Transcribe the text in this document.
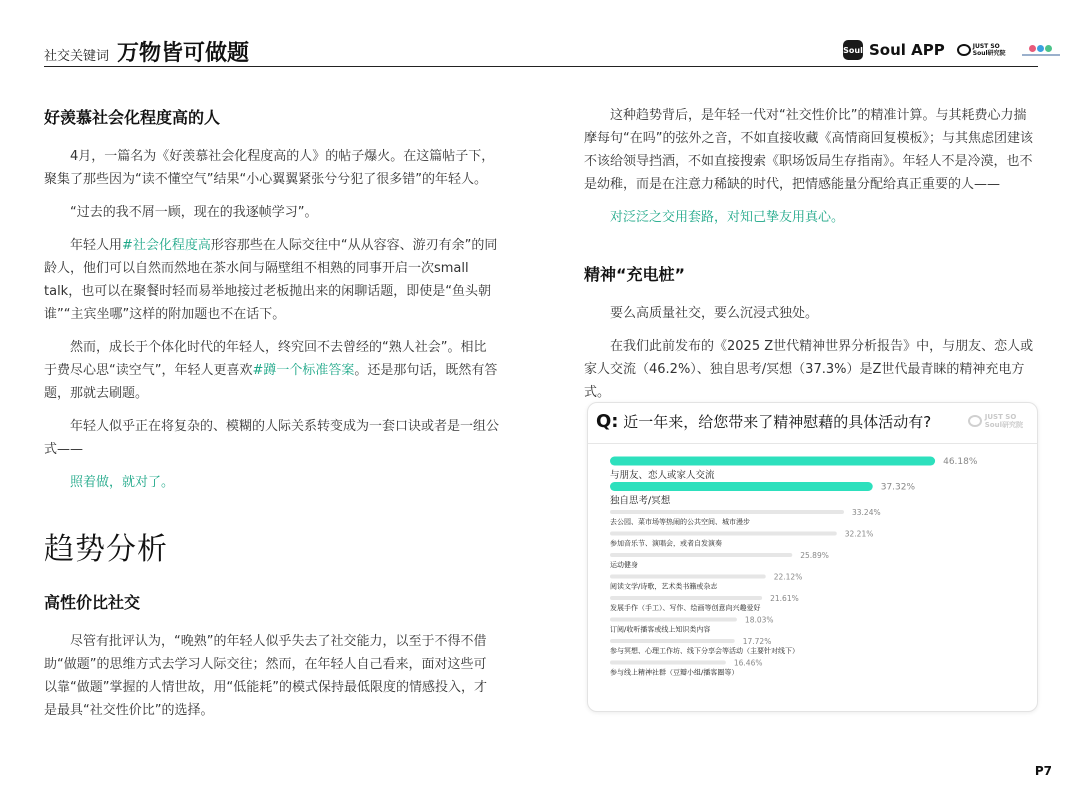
社交关键词 万物皆可做题	Soul Soul APP	JUST SO
Soul研究院
好羡慕社会化程度高的人

4月，一篇名为《好羡慕社会化程度高的人》的帖子爆火。在这篇帖子下，聚集了那些因为“读不懂空气”结果“小心翼翼紧张兮兮犯了很多错”的年轻人。

“过去的我不屑一顾，现在的我逐帧学习”。

年轻人用#社会化程度高形容那些在人际交往中“从从容容、游刃有余”的同龄人，他们可以自然而然地在茶水间与隔壁组不相熟的同事开启一次small talk，也可以在聚餐时轻而易举地接过老板抛出来的闲聊话题，即使是“鱼头朝谁”“主宾坐哪”这样的附加题也不在话下。

然而，成长于个体化时代的年轻人，终究回不去曾经的“熟人社会”。相比于费尽心思“读空气”，年轻人更喜欢#蹲一个标准答案。还是那句话，既然有答题，那就去刷题。

年轻人似乎正在将复杂的、模糊的人际关系转变成为一套口诀或者是一组公式——

照着做，就对了。

趋势分析
高性价比社交

尽管有批评认为，“晚熟”的年轻人似乎失去了社交能力，以至于不得不借助“做题”的思维方式去学习人际交往；然而，在年轻人自己看来，面对这些可以靠“做题”掌握的人情世故，用“低能耗”的模式保持最低限度的情感投入，才是最具“社交性价比”的选择。

这种趋势背后，是年轻一代对“社交性价比”的精准计算。与其耗费心力揣摩每句“在吗”的弦外之音，不如直接收藏《高情商回复模板》；与其焦虑团建该不该给领导挡酒，不如直接搜索《职场饭局生存指南》。年轻人不是冷漠，也不是幼稚，而是在注意力稀缺的时代，把情感能量分配给真正重要的人——

对泛泛之交用套路，对知己挚友用真心。

精神“充电桩”

要么高质量社交，要么沉浸式独处。

在我们此前发布的《2025 Z世代精神世界分析报告》中，与朋友、恋人或家人交流（46.2%）、独自思考/冥想（37.3%）是Z世代最青睐的精神充电方式。

Q: 近一年来，给您带来了精神慰藉的具体活动有?	JUST SO
Soul研究院
46.18%
与朋友、恋人或家人交流
37.32%
独自思考/冥想
33.24%
去公园、菜市场等热闹的公共空间、城市漫步
32.21%
参加音乐节、演唱会，或者自发演奏
25.89%
运动健身
22.12%
阅读文学/诗歌，艺术类书籍或杂志
21.61%
发展手作（手工）、写作、绘画等创意向兴趣爱好
18.03%
订阅/收听播客或线上知识类内容
17.72%
参与冥想、心理工作坊、线下分享会等活动（主要针对线下）
16.46%
参与线上精神社群（豆瓣小组/播客圈等）
P7
